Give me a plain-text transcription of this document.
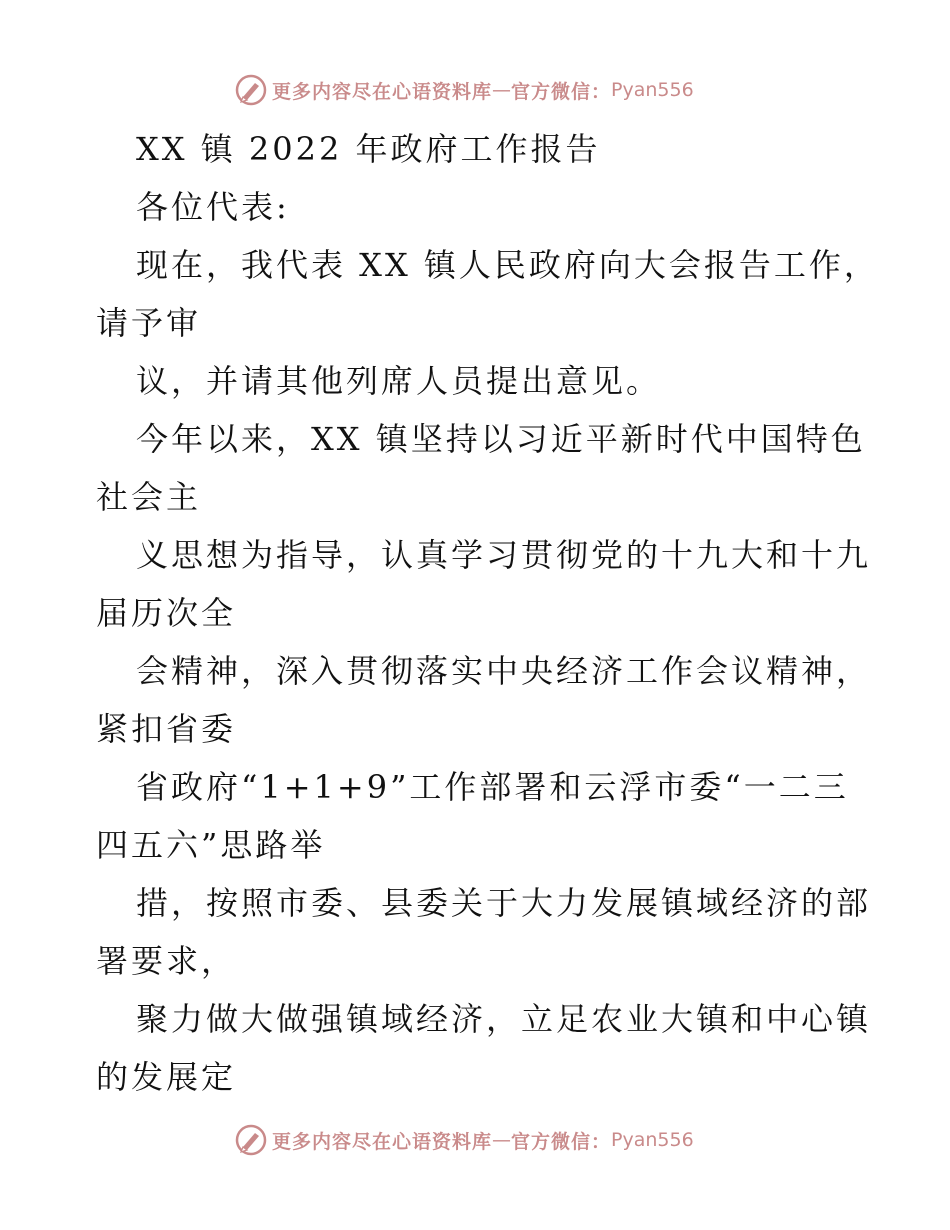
更多内容尽在心语资料库 — 官方微信： Pyan556
XX 镇 2022 年政府工作报告
各位代表:
现在，我代表 XX 镇人民政府向大会报告工作，
请予审
议，并请其他列席人员提出意见。
今年以来，XX 镇坚持以习近平新时代中国特色
社会主
义思想为指导，认真学习贯彻党的十九大和十九
届历次全
会精神，深入贯彻落实中央经济工作会议精神，
紧扣省委
省政府“1+1+9”工作部署和云浮市委“一二三
四五六”思路举
措，按照市委、县委关于大力发展镇域经济的部
署要求，
聚力做大做强镇域经济，立足农业大镇和中心镇
的发展定
更多内容尽在心语资料库 — 官方微信： Pyan556
